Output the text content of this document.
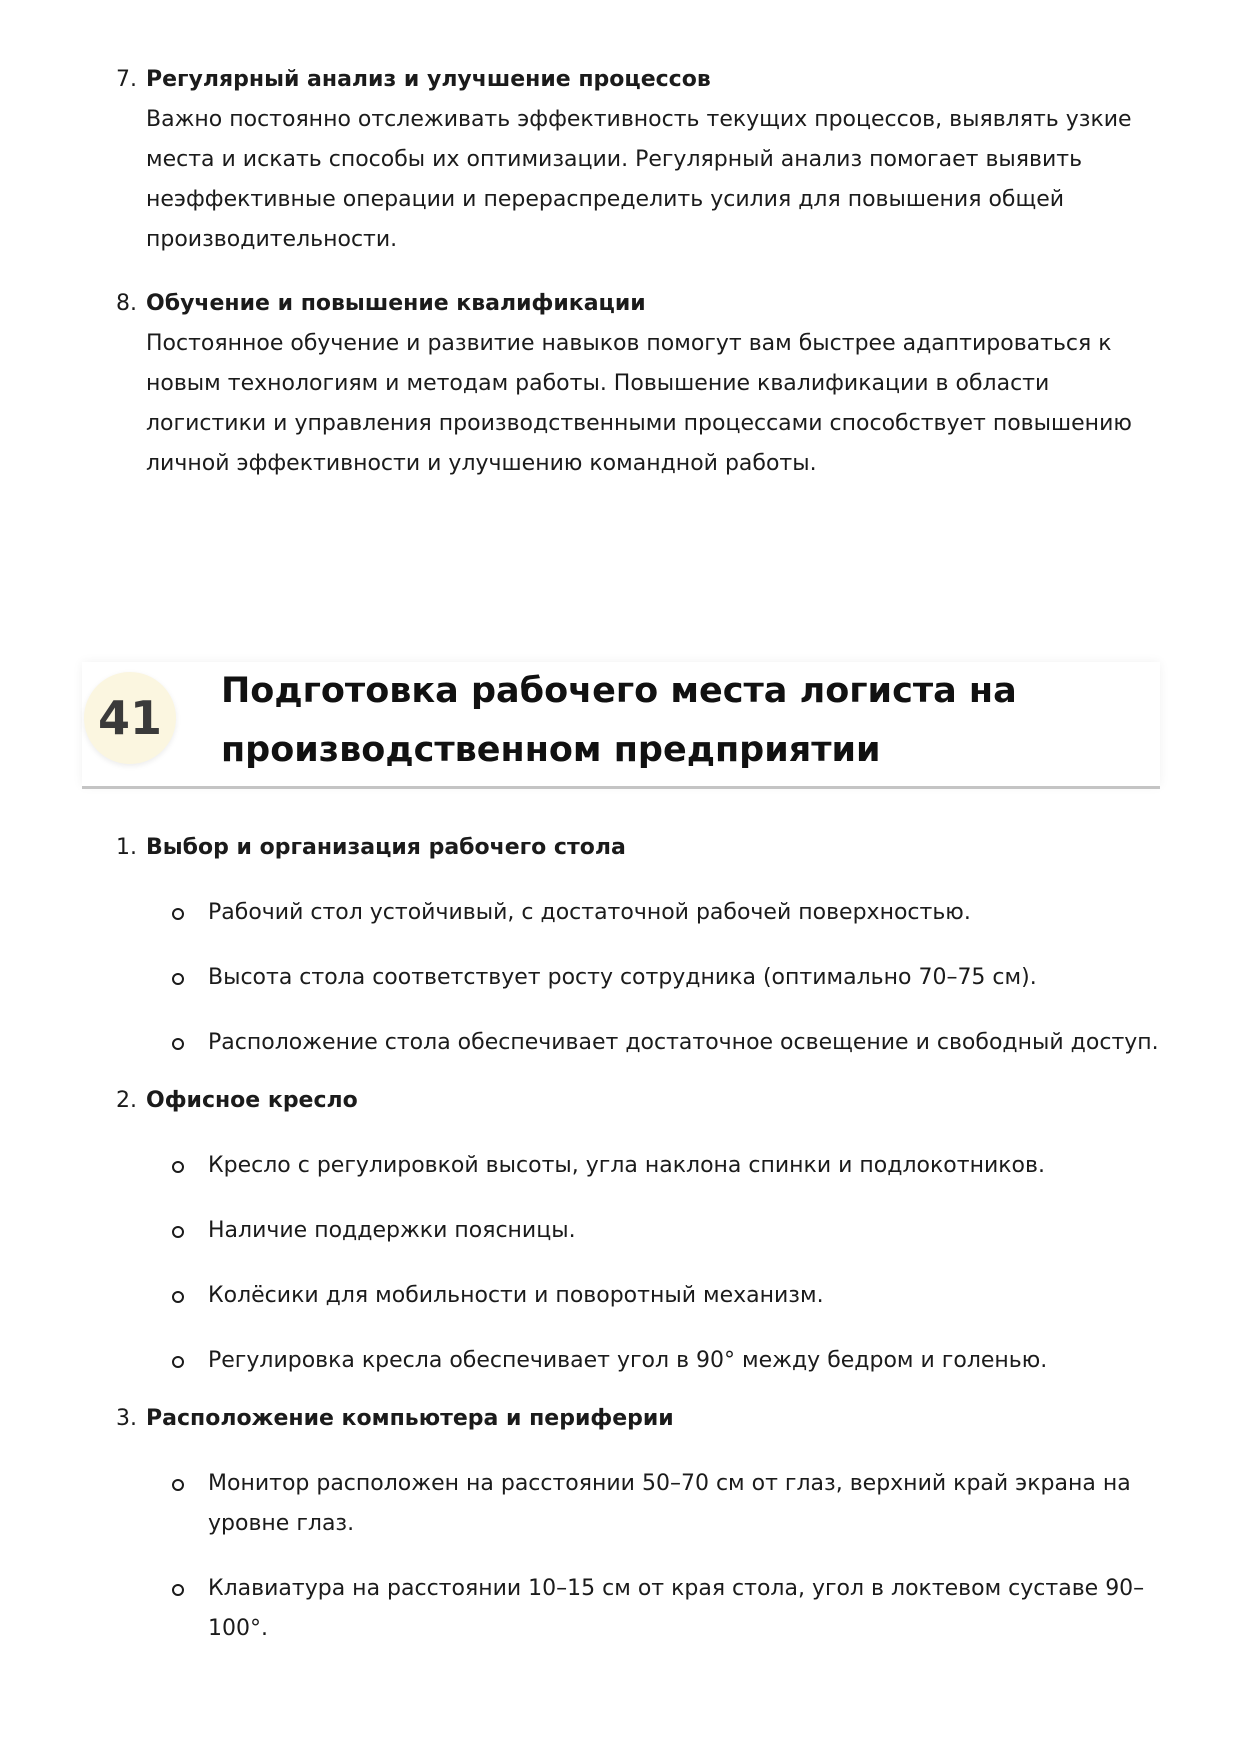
7. Регулярный анализ и улучшение процессов

Важно постоянно отслеживать эффективность текущих процессов, выявлять узкие
места и искать способы их оптимизации. Регулярный анализ помогает выявить
неэффективные операции и перераспределить усилия для повышения общей
производительности.

8. Обучение и повышение квалификации

Постоянное обучение и развитие навыков помогут вам быстрее адаптироваться к
новым технологиям и методам работы. Повышение квалификации в области
логистики и управления производственными процессами способствует повышению
личной эффективности и улучшению командной работы.

41	Подготовка рабочего места логиста на
производственном предприятии
1. Выбор и организация рабочего стола

Рабочий стол устойчивый, с достаточной рабочей поверхностью.
Высота стола соответствует росту сотрудника (оптимально 70–75 см).
Расположение стола обеспечивает достаточное освещение и свободный доступ.
2. Офисное кресло

Кресло с регулировкой высоты, угла наклона спинки и подлокотников.
Наличие поддержки поясницы.
Колёсики для мобильности и поворотный механизм.
Регулировка кресла обеспечивает угол в 90° между бедром и голенью.
3. Расположение компьютера и периферии

Монитор расположен на расстоянии 50–70 см от глаз, верхний край экрана на
уровне глаз.
Клавиатура на расстоянии 10–15 см от края стола, угол в локтевом суставе 90–
100°.
